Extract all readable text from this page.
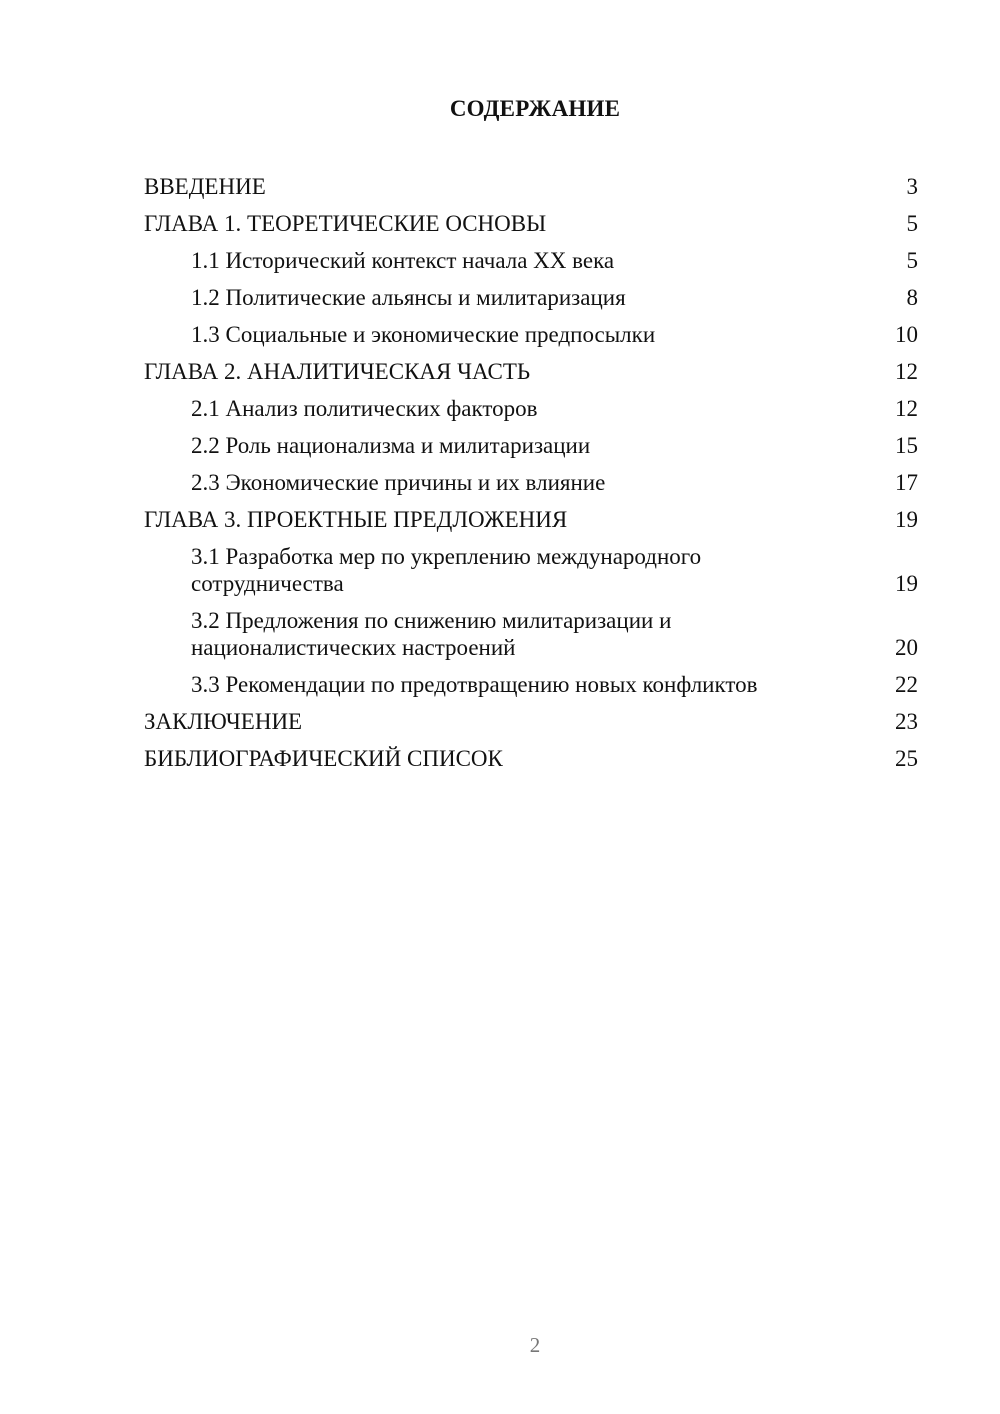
СОДЕРЖАНИЕ
ВВЕДЕНИЕ	3
ГЛАВА 1. ТЕОРЕТИЧЕСКИЕ ОСНОВЫ	5
1.1 Исторический контекст начала XX века	5
1.2 Политические альянсы и милитаризация	8
1.3 Социальные и экономические предпосылки	10
ГЛАВА 2. АНАЛИТИЧЕСКАЯ ЧАСТЬ	12
2.1 Анализ политических факторов	12
2.2 Роль национализма и милитаризации	15
2.3 Экономические причины и их влияние	17
ГЛАВА 3. ПРОЕКТНЫЕ ПРЕДЛОЖЕНИЯ	19
3.1 Разработка мер по укреплению международного сотрудничества	19
3.2 Предложения по снижению милитаризации и националистических настроений	20
3.3 Рекомендации по предотвращению новых конфликтов	22
ЗАКЛЮЧЕНИЕ	23
БИБЛИОГРАФИЧЕСКИЙ СПИСОК	25
2
